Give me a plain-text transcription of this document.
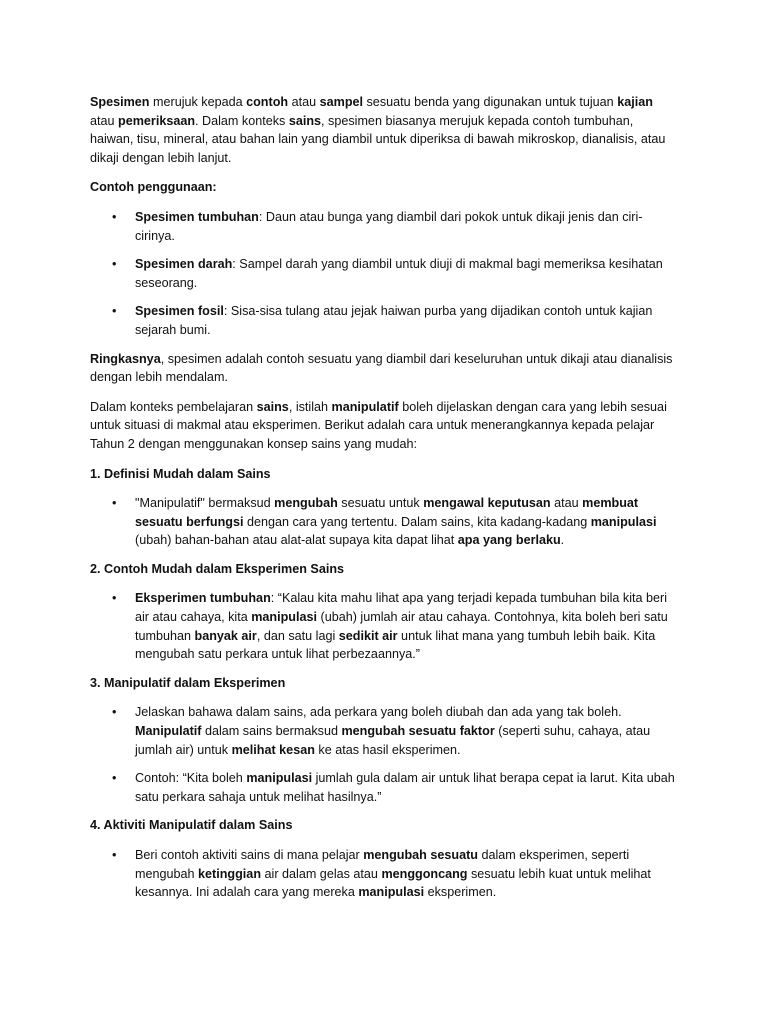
Spesimen merujuk kepada contoh atau sampel sesuatu benda yang digunakan untuk tujuan kajian atau pemeriksaan. Dalam konteks sains, spesimen biasanya merujuk kepada contoh tumbuhan, haiwan, tisu, mineral, atau bahan lain yang diambil untuk diperiksa di bawah mikroskop, dianalisis, atau dikaji dengan lebih lanjut.

Contoh penggunaan:

• Spesimen tumbuhan: Daun atau bunga yang diambil dari pokok untuk dikaji jenis dan ciri-cirinya.
• Spesimen darah: Sampel darah yang diambil untuk diuji di makmal bagi memeriksa kesihatan seseorang.
• Spesimen fosil: Sisa-sisa tulang atau jejak haiwan purba yang dijadikan contoh untuk kajian sejarah bumi.

Ringkasnya, spesimen adalah contoh sesuatu yang diambil dari keseluruhan untuk dikaji atau dianalisis dengan lebih mendalam.

Dalam konteks pembelajaran sains, istilah manipulatif boleh dijelaskan dengan cara yang lebih sesuai untuk situasi di makmal atau eksperimen. Berikut adalah cara untuk menerangkannya kepada pelajar Tahun 2 dengan menggunakan konsep sains yang mudah:

1. Definisi Mudah dalam Sains

• "Manipulatif" bermaksud mengubah sesuatu untuk mengawal keputusan atau membuat sesuatu berfungsi dengan cara yang tertentu. Dalam sains, kita kadang-kadang manipulasi (ubah) bahan-bahan atau alat-alat supaya kita dapat lihat apa yang berlaku.

2. Contoh Mudah dalam Eksperimen Sains

• Eksperimen tumbuhan: “Kalau kita mahu lihat apa yang terjadi kepada tumbuhan bila kita beri air atau cahaya, kita manipulasi (ubah) jumlah air atau cahaya. Contohnya, kita boleh beri satu tumbuhan banyak air, dan satu lagi sedikit air untuk lihat mana yang tumbuh lebih baik. Kita mengubah satu perkara untuk lihat perbezaannya.”

3. Manipulatif dalam Eksperimen

• Jelaskan bahawa dalam sains, ada perkara yang boleh diubah dan ada yang tak boleh. Manipulatif dalam sains bermaksud mengubah sesuatu faktor (seperti suhu, cahaya, atau jumlah air) untuk melihat kesan ke atas hasil eksperimen.
• Contoh: “Kita boleh manipulasi jumlah gula dalam air untuk lihat berapa cepat ia larut. Kita ubah satu perkara sahaja untuk melihat hasilnya.”

4. Aktiviti Manipulatif dalam Sains

• Beri contoh aktiviti sains di mana pelajar mengubah sesuatu dalam eksperimen, seperti mengubah ketinggian air dalam gelas atau menggoncang sesuatu lebih kuat untuk melihat kesannya. Ini adalah cara yang mereka manipulasi eksperimen.
